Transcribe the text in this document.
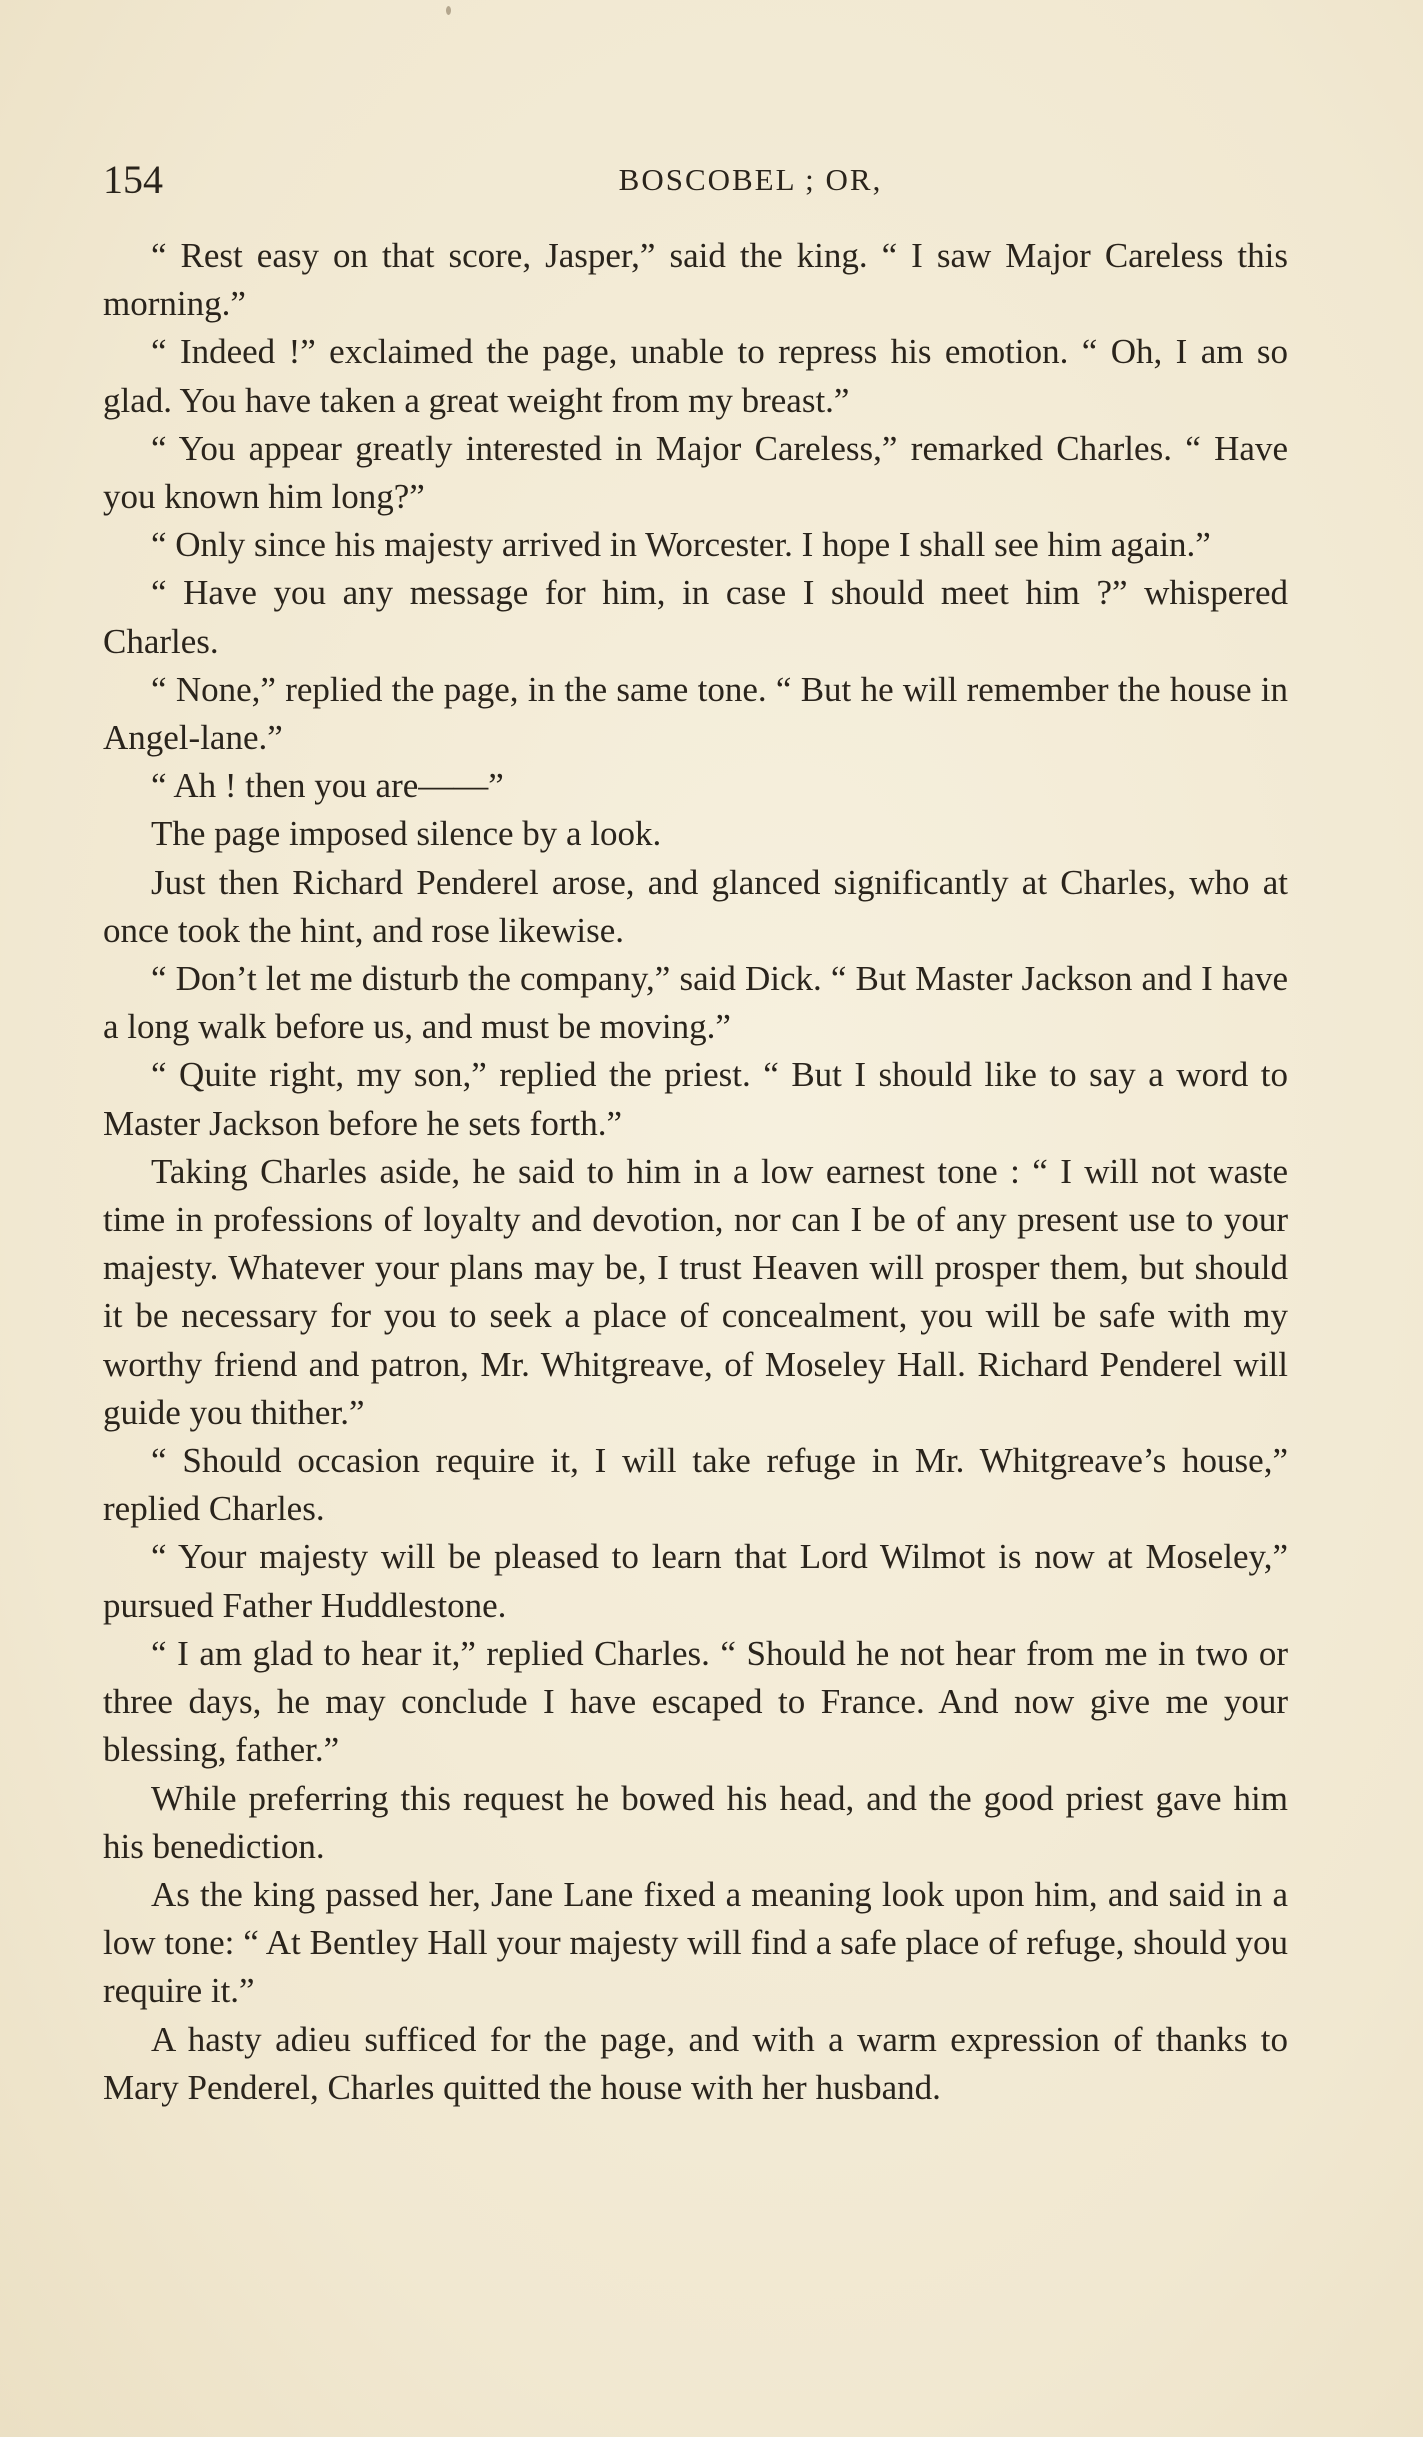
154	BOSCOBEL ; OR,

“ Rest easy on that score, Jasper,” said the king. “ I saw Major Careless this morning.”

“ Indeed !” exclaimed the page, unable to repress his emotion. “ Oh, I am so glad. You have taken a great weight from my breast.”

“ You appear greatly interested in Major Careless,” remarked Charles. “ Have you known him long?”

“ Only since his majesty arrived in Worcester. I hope I shall see him again.”

“ Have you any message for him, in case I should meet him ?” whispered Charles.

“ None,” replied the page, in the same tone. “ But he will remember the house in Angel-lane.”

“ Ah ! then you are——”

The page imposed silence by a look.

Just then Richard Penderel arose, and glanced significantly at Charles, who at once took the hint, and rose likewise.

“ Don’t let me disturb the company,” said Dick. “ But Master Jackson and I have a long walk before us, and must be moving.”

“ Quite right, my son,” replied the priest. “ But I should like to say a word to Master Jackson before he sets forth.”

Taking Charles aside, he said to him in a low earnest tone : “ I will not waste time in professions of loyalty and devotion, nor can I be of any present use to your majesty. Whatever your plans may be, I trust Heaven will prosper them, but should it be necessary for you to seek a place of concealment, you will be safe with my worthy friend and patron, Mr. Whitgreave, of Moseley Hall. Richard Penderel will guide you thither.”

“ Should occasion require it, I will take refuge in Mr. Whitgreave’s house,” replied Charles.

“ Your majesty will be pleased to learn that Lord Wilmot is now at Moseley,” pursued Father Huddlestone.

“ I am glad to hear it,” replied Charles. “ Should he not hear from me in two or three days, he may conclude I have escaped to France. And now give me your blessing, father.”

While preferring this request he bowed his head, and the good priest gave him his benediction.

As the king passed her, Jane Lane fixed a meaning look upon him, and said in a low tone: “ At Bentley Hall your majesty will find a safe place of refuge, should you require it.”

A hasty adieu sufficed for the page, and with a warm expression of thanks to Mary Penderel, Charles quitted the house with her husband.
